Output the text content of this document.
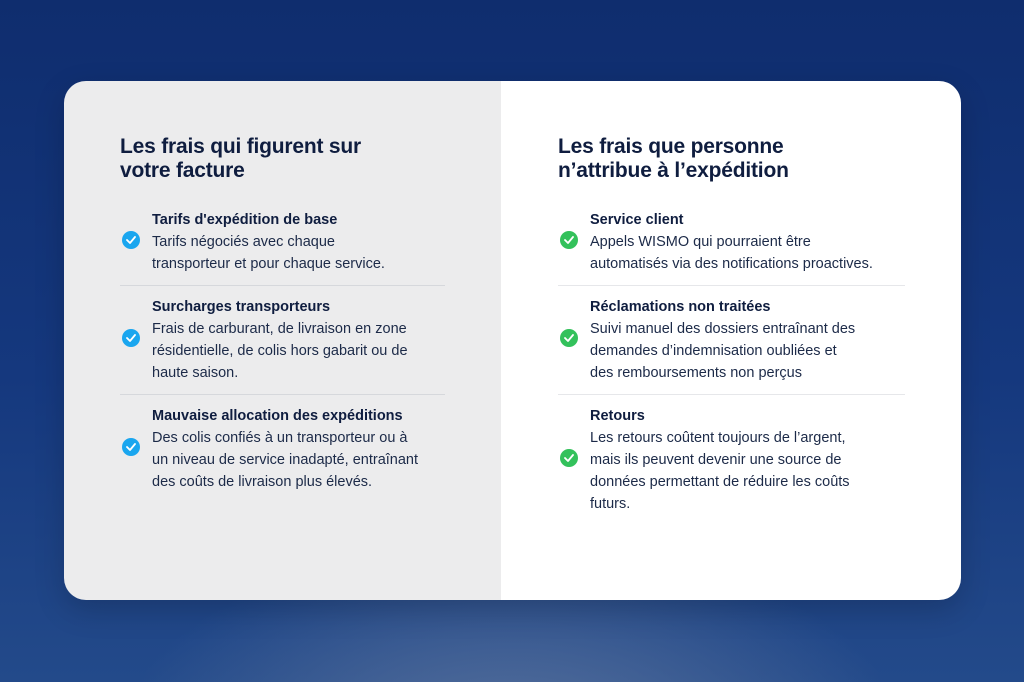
Les frais qui figurent sur
votre facture
Tarifs d'expédition de base
Tarifs négociés avec chaque
transporteur et pour chaque service.
Surcharges transporteurs
Frais de carburant, de livraison en zone
résidentielle, de colis hors gabarit ou de
haute saison.
Mauvaise allocation des expéditions
Des colis confiés à un transporteur ou à
un niveau de service inadapté, entraînant
des coûts de livraison plus élevés.
Les frais que personne
n’attribue à l’expédition
Service client
Appels WISMO qui pourraient être
automatisés via des notifications proactives.
Réclamations non traitées
Suivi manuel des dossiers entraînant des
demandes d’indemnisation oubliées et
des remboursements non perçus
Retours
Les retours coûtent toujours de l’argent,
mais ils peuvent devenir une source de
données permettant de réduire les coûts
futurs.
